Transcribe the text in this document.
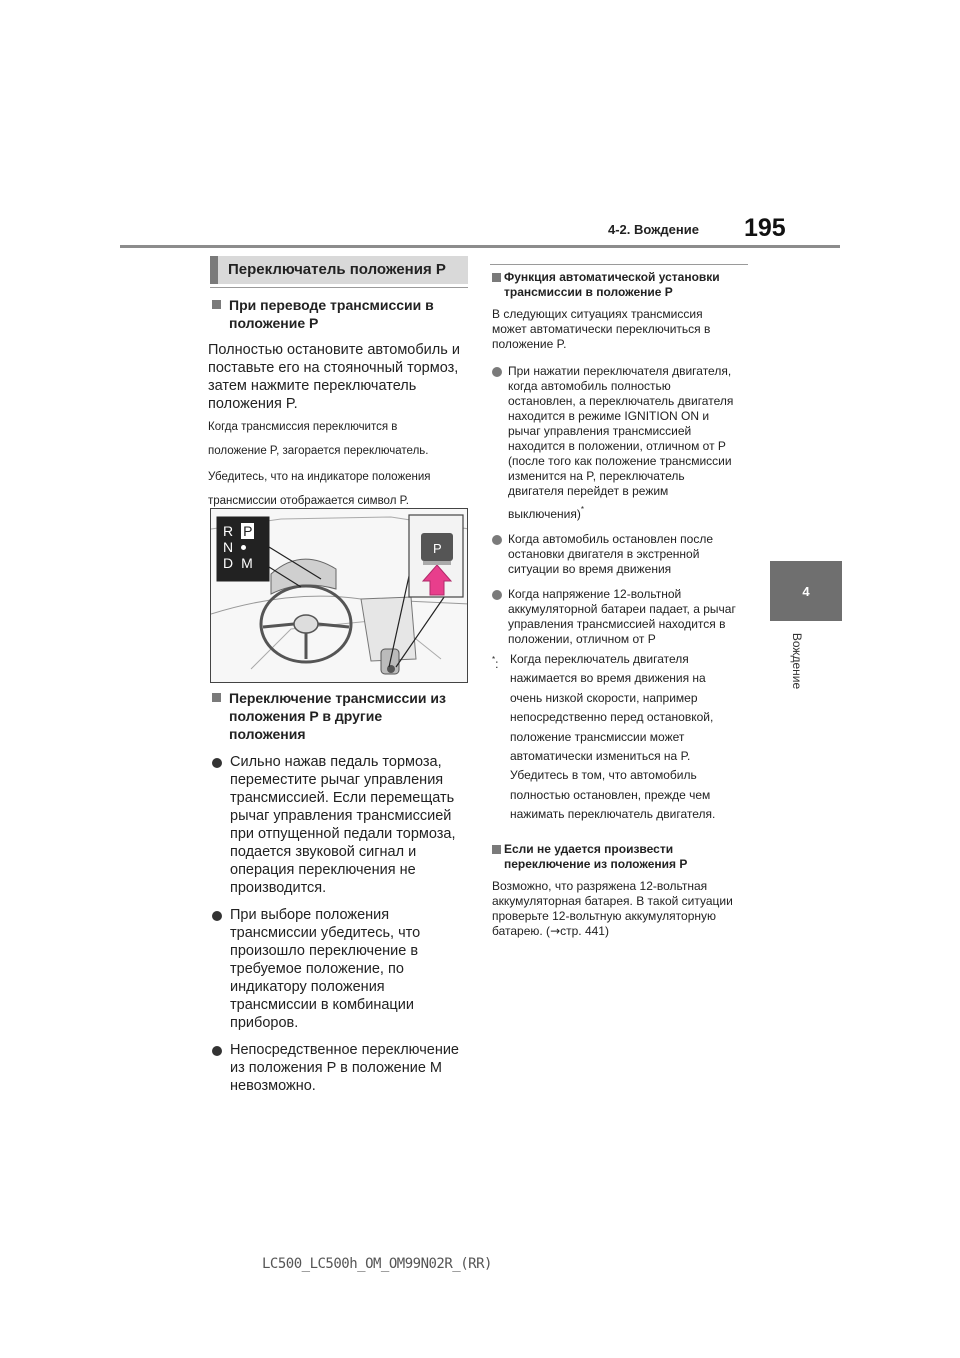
4-2. Вождение 195
4
Вождение
Переключатель положения P
При переводе трансмиссии в
положение P
Полностью остановите автомобиль и
поставьте его на стояночный тормоз,
затем нажмите переключатель
положения P.
Когда трансмиссия переключится в
положение P, загорается переключатель.
Убедитесь, что на индикаторе положения
трансмиссии отображается символ P.
R P
N
D M
P
Переключение трансмиссии из
положения P в другие
положения
Сильно нажав педаль тормоза,
переместите рычаг управления
трансмиссией. Если перемещать
рычаг управления трансмиссией
при отпущенной педали тормоза,
подается звуковой сигнал и
операция переключения не
производится.
При выборе положения
трансмиссии убедитесь, что
произошло переключение в
требуемое положение, по
индикатору положения
трансмиссии в комбинации
приборов.
Непосредственное переключение
из положения P в положение M
невозможно.
Функция автоматической установки
трансмиссии в положение P
В следующих ситуациях трансмиссия
может автоматически переключиться в
положение P.
При нажатии переключателя двигателя,
когда автомобиль полностью
остановлен, а переключатель двигателя
находится в режиме IGNITION ON и
рычаг управления трансмиссией
находится в положении, отличном от P
(после того как положение трансмиссии
изменится на P, переключатель
двигателя перейдет в режим
выключения)*
Когда автомобиль остановлен после
остановки двигателя в экстренной
ситуации во время движения
Когда напряжение 12-вольтной
аккумуляторной батареи падает, а рычаг
управления трансмиссией находится в
положении, отличном от P
*: Когда переключатель двигателя
нажимается во время движения на
очень низкой скорости, например
непосредственно перед остановкой,
положение трансмиссии может
автоматически измениться на P.
Убедитесь в том, что автомобиль
полностью остановлен, прежде чем
нажимать переключатель двигателя.
Если не удается произвести
переключение из положения P
Возможно, что разряжена 12-вольтная
аккумуляторная батарея. В такой ситуации
проверьте 12-вольтную аккумуляторную
батарею. (→стр. 441)
LC500_LC500h_OM_OM99N02R_(RR)
